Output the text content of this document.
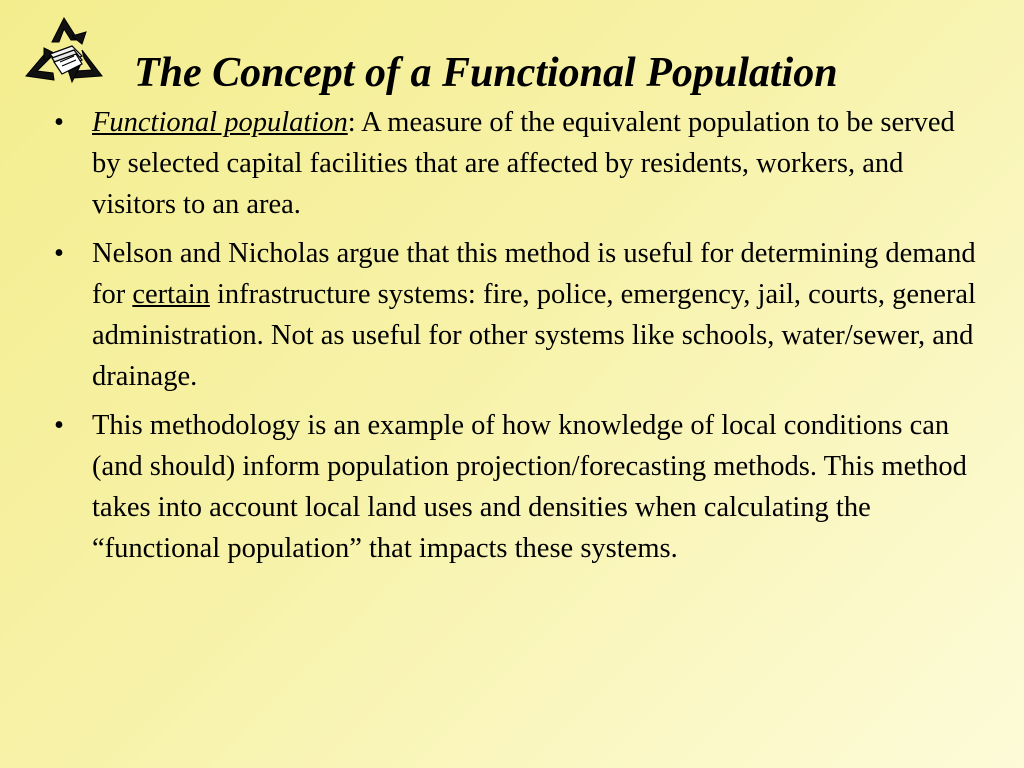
The Concept of a Functional Population
• Functional population: A measure of the equivalent population to be served by selected capital facilities that are affected by residents, workers, and visitors to an area.
• Nelson and Nicholas argue that this method is useful for determining demand for certain infrastructure systems: fire, police, emergency, jail, courts, general administration. Not as useful for other systems like schools, water/sewer, and drainage.
• This methodology is an example of how knowledge of local conditions can (and should) inform population projection/forecasting methods. This method takes into account local land uses and densities when calculating the “functional population” that impacts these systems.
